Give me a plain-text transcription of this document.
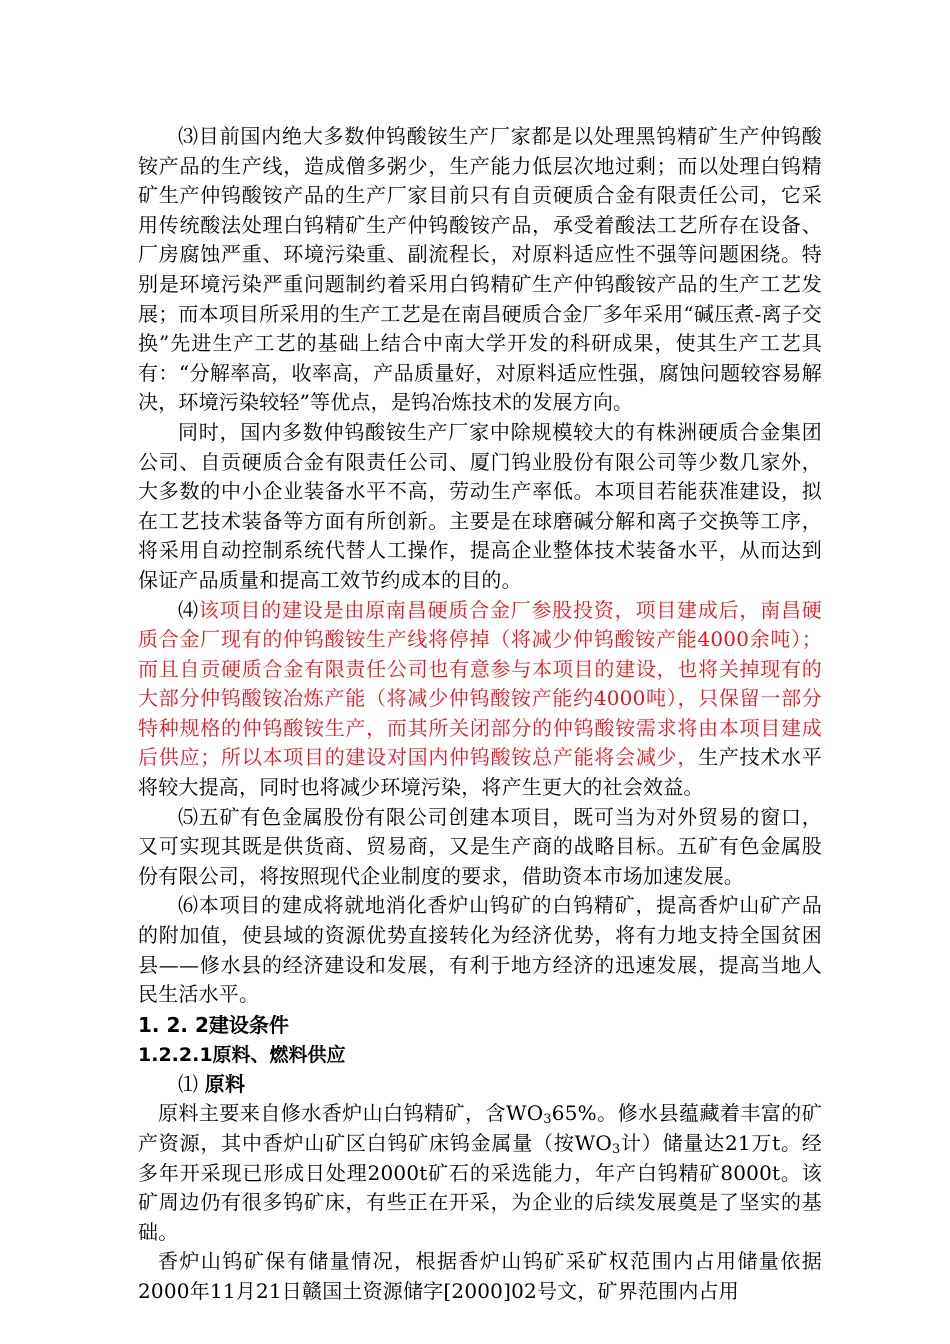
⑶目前国内绝大多数仲钨酸铵生产厂家都是以处理黑钨精矿生产仲钨酸铵产品的生产线，造成僧多粥少，生产能力低层次地过剩；而以处理白钨精矿生产仲钨酸铵产品的生产厂家目前只有自贡硬质合金有限责任公司，它采用传统酸法处理白钨精矿生产仲钨酸铵产品，承受着酸法工艺所存在设备、厂房腐蚀严重、环境污染重、副流程长，对原料适应性不强等问题困绕。特别是环境污染严重问题制约着采用白钨精矿生产仲钨酸铵产品的生产工艺发展；而本项目所采用的生产工艺是在南昌硬质合金厂多年采用“碱压煮-离子交换”先进生产工艺的基础上结合中南大学开发的科研成果，使其生产工艺具有：“分解率高，收率高，产品质量好，对原料适应性强，腐蚀问题较容易解决，环境污染较轻”等优点，是钨冶炼技术的发展方向。

同时，国内多数仲钨酸铵生产厂家中除规模较大的有株洲硬质合金集团公司、自贡硬质合金有限责任公司、厦门钨业股份有限公司等少数几家外，大多数的中小企业装备水平不高，劳动生产率低。本项目若能获准建设，拟在工艺技术装备等方面有所创新。主要是在球磨碱分解和离子交换等工序，将采用自动控制系统代替人工操作，提高企业整体技术装备水平，从而达到保证产品质量和提高工效节约成本的目的。

⑷该项目的建设是由原南昌硬质合金厂参股投资，项目建成后，南昌硬质合金厂现有的仲钨酸铵生产线将停掉（将减少仲钨酸铵产能4000余吨）；而且自贡硬质合金有限责任公司也有意参与本项目的建设，也将关掉现有的大部分仲钨酸铵冶炼产能（将减少仲钨酸铵产能约4000吨），只保留一部分特种规格的仲钨酸铵生产，而其所关闭部分的仲钨酸铵需求将由本项目建成后供应；所以本项目的建设对国内仲钨酸铵总产能将会减少，生产技术水平将较大提高，同时也将减少环境污染，将产生更大的社会效益。

⑸五矿有色金属股份有限公司创建本项目，既可当为对外贸易的窗口，又可实现其既是供货商、贸易商，又是生产商的战略目标。五矿有色金属股份有限公司，将按照现代企业制度的要求，借助资本市场加速发展。

⑹本项目的建成将就地消化香炉山钨矿的白钨精矿，提高香炉山矿产品的附加值，使县域的资源优势直接转化为经济优势，将有力地支持全国贫困县——修水县的经济建设和发展，有利于地方经济的迅速发展，提高当地人民生活水平。

1. 2. 2建设条件
1.2.2.1原料、燃料供应

⑴ 原料

原料主要来自修水香炉山白钨精矿，含$WO_365\%$。修水县蕴藏着丰富的矿产资源，其中香炉山矿区白钨矿床钨金属量（按$WO_3$计）储量达21万t。经多年开采现已形成日处理2000t矿石的采选能力，年产白钨精矿8000t。该矿周边仍有很多钨矿床，有些正在开采，为企业的后续发展奠是了坚实的基础。

香炉山钨矿保有储量情况，根据香炉山钨矿采矿权范围内占用储量依据2000年11月21日赣国土资源储字[2000]02号文，矿界范围内占用
